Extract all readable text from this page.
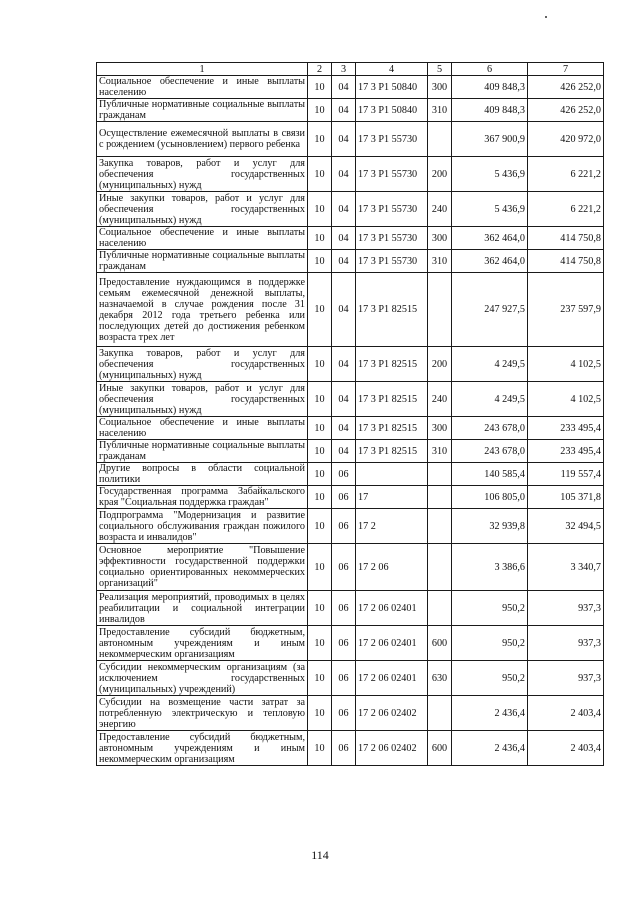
1	2	3	4	5	6	7
Социальное обеспечение и иные выплаты населению	10	04	17 3 P1 50840	300	409 848,3	426 252,0
Публичные нормативные социальные выплаты гражданам	10	04	17 3 P1 50840	310	409 848,3	426 252,0
Осуществление ежемесячной выплаты в связи с рождением (усыновлением) первого ребенка	10	04	17 3 P1 55730		367 900,9	420 972,0
Закупка товаров, работ и услуг для обеспечения государственных (муниципальных) нужд	10	04	17 3 P1 55730	200	5 436,9	6 221,2
Иные закупки товаров, работ и услуг для обеспечения государственных (муниципальных) нужд	10	04	17 3 P1 55730	240	5 436,9	6 221,2
Социальное обеспечение и иные выплаты населению	10	04	17 3 P1 55730	300	362 464,0	414 750,8
Публичные нормативные социальные выплаты гражданам	10	04	17 3 P1 55730	310	362 464,0	414 750,8
Предоставление нуждающимся в поддержке семьям ежемесячной денежной выплаты, назначаемой в случае рождения после 31 декабря 2012 года третьего ребенка или последующих детей до достижения ребенком возраста трех лет	10	04	17 3 P1 82515		247 927,5	237 597,9
Закупка товаров, работ и услуг для обеспечения государственных (муниципальных) нужд	10	04	17 3 P1 82515	200	4 249,5	4 102,5
Иные закупки товаров, работ и услуг для обеспечения государственных (муниципальных) нужд	10	04	17 3 P1 82515	240	4 249,5	4 102,5
Социальное обеспечение и иные выплаты населению	10	04	17 3 P1 82515	300	243 678,0	233 495,4
Публичные нормативные социальные выплаты гражданам	10	04	17 3 P1 82515	310	243 678,0	233 495,4
Другие вопросы в области социальной политики	10	06			140 585,4	119 557,4
Государственная программа Забайкальского края "Социальная поддержка граждан"	10	06	17		106 805,0	105 371,8
Подпрограмма "Модернизация и развитие социального обслуживания граждан пожилого возраста и инвалидов"	10	06	17 2		32 939,8	32 494,5
Основное мероприятие "Повышение эффективности государственной поддержки социально ориентированных некоммерческих организаций"	10	06	17 2 06		3 386,6	3 340,7
Реализация мероприятий, проводимых в целях реабилитации и социальной интеграции инвалидов	10	06	17 2 06 02401		950,2	937,3
Предоставление субсидий бюджетным, автономным учреждениям и иным некоммерческим организациям	10	06	17 2 06 02401	600	950,2	937,3
Субсидии некоммерческим организациям (за исключением государственных (муниципальных) учреждений)	10	06	17 2 06 02401	630	950,2	937,3
Субсидии на возмещение части затрат за потребленную электрическую и тепловую энергию	10	06	17 2 06 02402		2 436,4	2 403,4
Предоставление субсидий бюджетным, автономным учреждениям и иным некоммерческим организациям	10	06	17 2 06 02402	600	2 436,4	2 403,4
114
